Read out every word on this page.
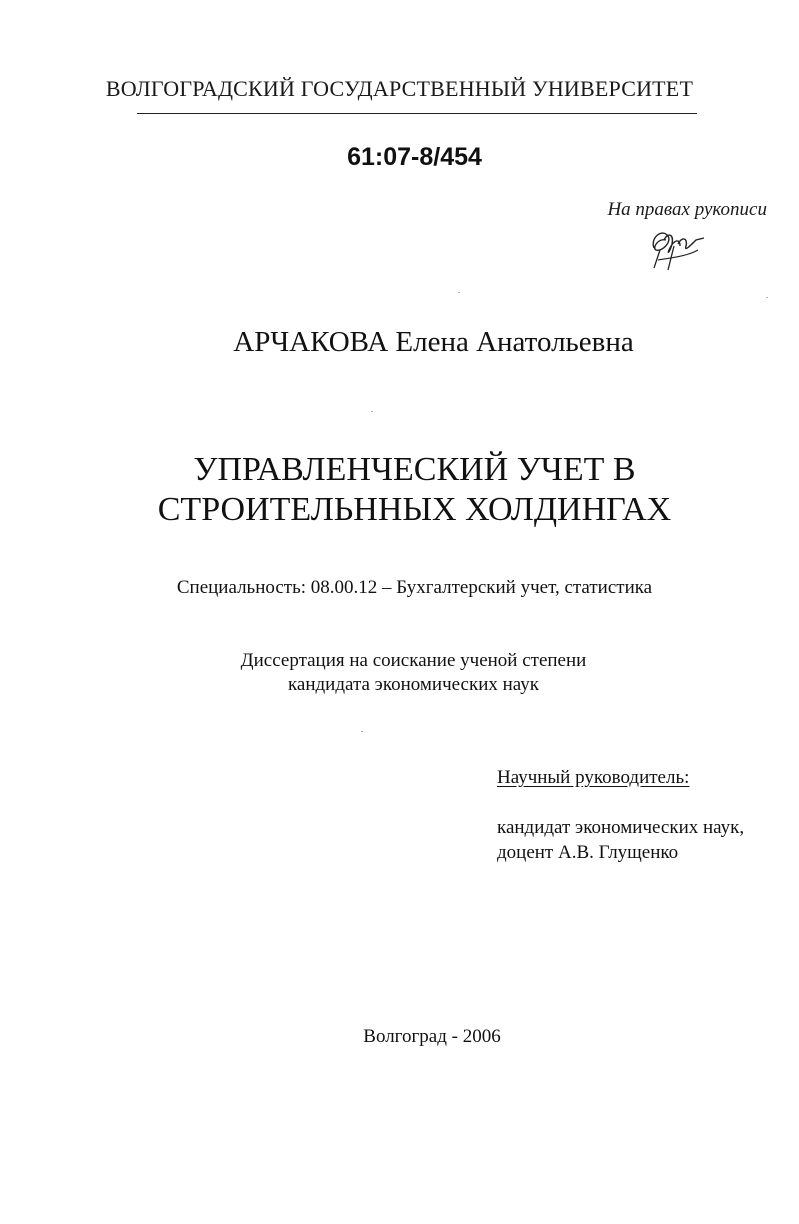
ВОЛГОГРАДСКИЙ ГОСУДАРСТВЕННЫЙ УНИВЕРСИТЕТ
61:07-8/454
На правах рукописи
АРЧАКОВА Елена Анатольевна
УПРАВЛЕНЧЕСКИЙ УЧЕТ В
СТРОИТЕЛЬННЫХ ХОЛДИНГАХ
Специальность: 08.00.12 – Бухгалтерский учет, статистика
Диссертация на соискание ученой степени
кандидата экономических наук
Научный руководитель:
кандидат экономических наук,
доцент А.В. Глущенко
Волгоград - 2006
